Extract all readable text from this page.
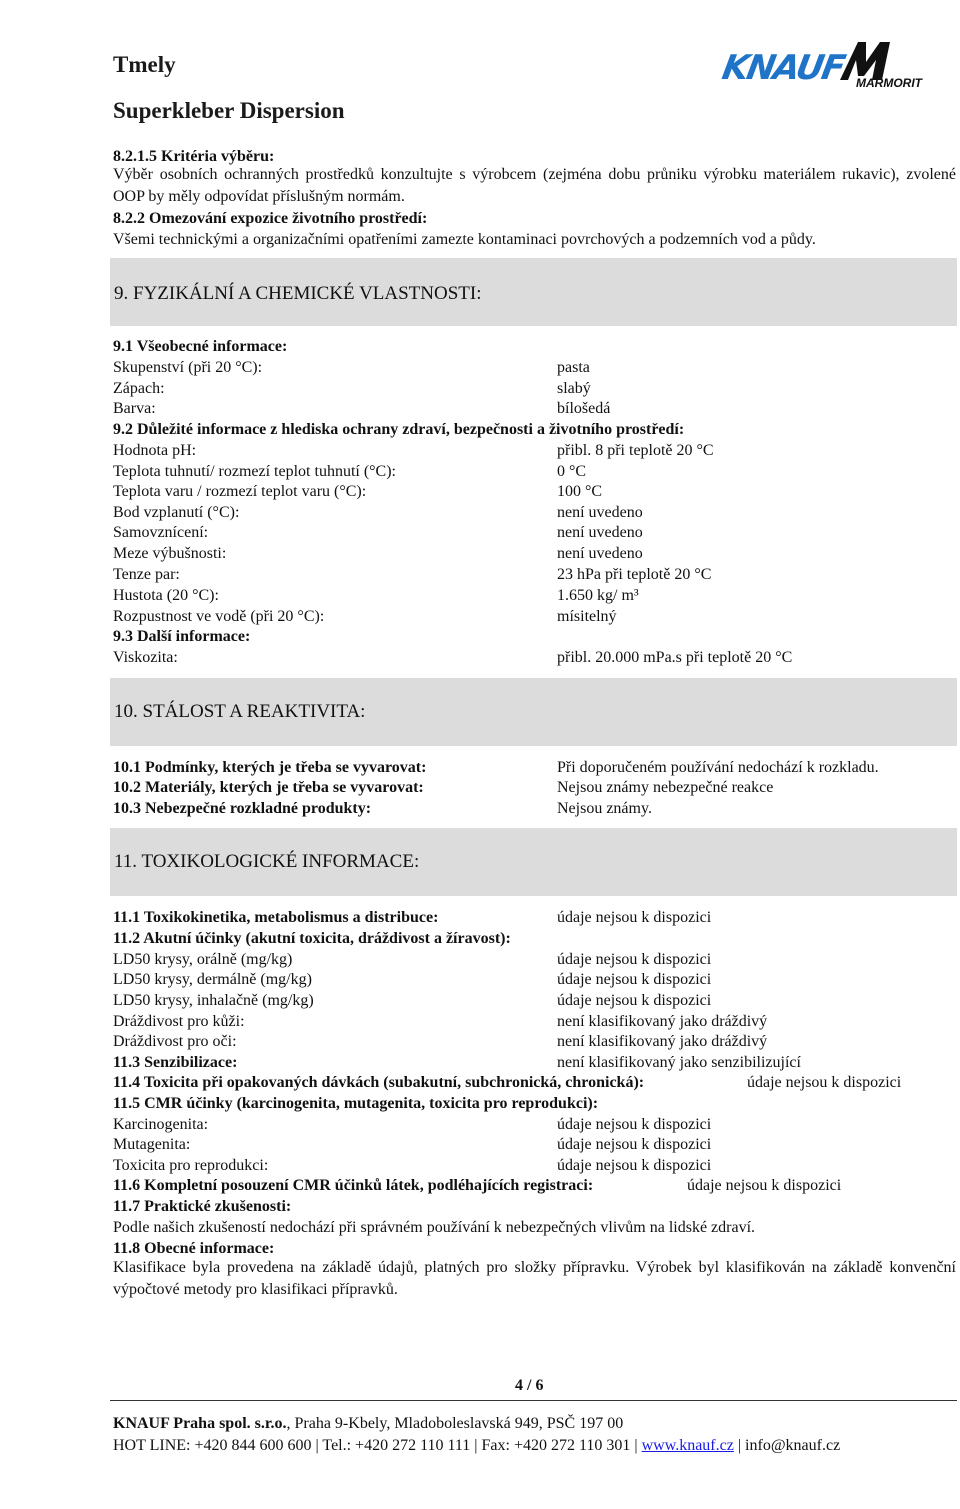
Tmely
Superkleber Dispersion
KNAUF MARMORIT
8.2.1.5 Kritéria výběru:
Výběr osobních ochranných prostředků konzultujte s výrobcem (zejména dobu průniku výrobku materiálem rukavic), zvolené OOP by měly odpovídat příslušným normám.
8.2.2 Omezování expozice životního prostředí:
Všemi technickými a organizačními opatřeními zamezte kontaminaci povrchových a podzemních vod a půdy.
9. FYZIKÁLNÍ A CHEMICKÉ VLASTNOSTI:
9.1 Všeobecné informace:
Skupenství (při 20 °C):	pasta
Zápach:	slabý
Barva:	bílošedá
9.2 Důležité informace z hlediska ochrany zdraví, bezpečnosti a životního prostředí:
Hodnota pH:	přibl. 8 při teplotě 20 °C
Teplota tuhnutí/ rozmezí teplot tuhnutí (°C):	0 °C
Teplota varu / rozmezí teplot varu (°C):	100 °C
Bod vzplanutí (°C):	není uvedeno
Samovznícení:	není uvedeno
Meze výbušnosti:	není uvedeno
Tenze par:	23 hPa při teplotě 20 °C
Hustota (20 °C):	1.650 kg/ m³
Rozpustnost ve vodě (při 20 °C):	mísitelný
9.3 Další informace:
Viskozita:	přibl. 20.000 mPa.s při teplotě 20 °C
10. STÁLOST A REAKTIVITA:
10.1 Podmínky, kterých je třeba se vyvarovat:	Při doporučeném používání nedochází k rozkladu.
10.2 Materiály, kterých je třeba se vyvarovat:	Nejsou známy nebezpečné reakce
10.3 Nebezpečné rozkladné produkty:	Nejsou známy.
11. TOXIKOLOGICKÉ INFORMACE:
11.1 Toxikokinetika, metabolismus a distribuce:	údaje nejsou k dispozici
11.2 Akutní účinky (akutní toxicita, dráždivost a žíravost):
LD50 krysy, orálně (mg/kg)	údaje nejsou k dispozici
LD50 krysy, dermálně (mg/kg)	údaje nejsou k dispozici
LD50 krysy, inhalačně (mg/kg)	údaje nejsou k dispozici
Dráždivost pro kůži:	není klasifikovaný jako dráždivý
Dráždivost pro oči:	není klasifikovaný jako dráždivý
11.3 Senzibilizace:	není klasifikovaný jako senzibilizující
11.4 Toxicita při opakovaných dávkách (subakutní, subchronická, chronická):	údaje nejsou k dispozici
11.5 CMR účinky (karcinogenita, mutagenita, toxicita pro reprodukci):
Karcinogenita:	údaje nejsou k dispozici
Mutagenita:	údaje nejsou k dispozici
Toxicita pro reprodukci:	údaje nejsou k dispozici
11.6 Kompletní posouzení CMR účinků látek, podléhajících registraci:	údaje nejsou k dispozici
11.7 Praktické zkušenosti:
Podle našich zkušeností nedochází při správném používání k nebezpečných vlivům na lidské zdraví.
11.8 Obecné informace:
Klasifikace byla provedena na základě údajů, platných pro složky přípravku. Výrobek byl klasifikován na základě konvenční výpočtové metody pro klasifikaci přípravků.
4 / 6
KNAUF Praha spol. s.r.o., Praha 9-Kbely, Mladoboleslavská 949, PSČ 197 00
HOT LINE: +420 844 600 600 | Tel.: +420 272 110 111 | Fax: +420 272 110 301 | www.knauf.cz | info@knauf.cz
